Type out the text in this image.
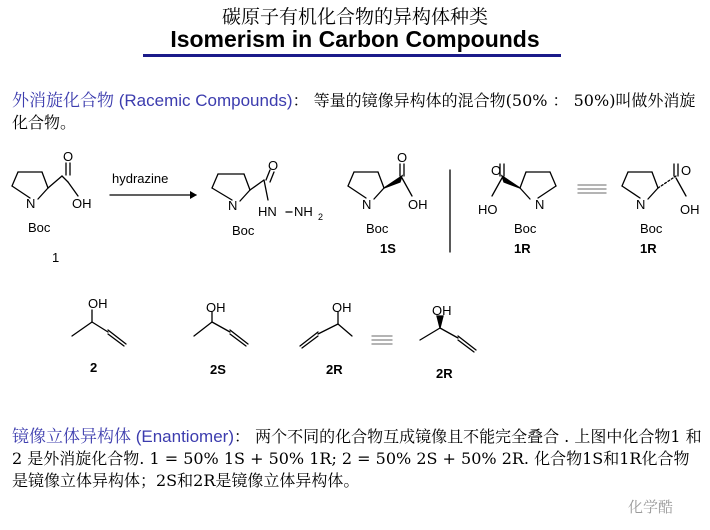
碳原子有机化合物的异构体种类
Isomerism in Carbon Compounds
外消旋化合物 (Racemic Compounds)： 等量的镜像异构体的混合物(50% ： 50%)叫做外消旋化合物。
N
O
OH
Boc
1
hydrazine
N
O
HN NH 2
Boc
N
O
OH
Boc
1S
N
O
HO
Boc
1R
N
O
OH
Boc
1R
OH
2
OH
2S
OH
2R
OH
2R
镜像立体异构体 (Enantiomer)： 两个不同的化合物互成镜像且不能完全叠合 . 上图中化合物1 和 2 是外消旋化合物. 1 = 50% 1S + 50% 1R; 2 = 50% 2S + 50% 2R. 化合物1S和1R化合物是镜像立体异构体；2S和2R是镜像立体异构体。
化学酷
